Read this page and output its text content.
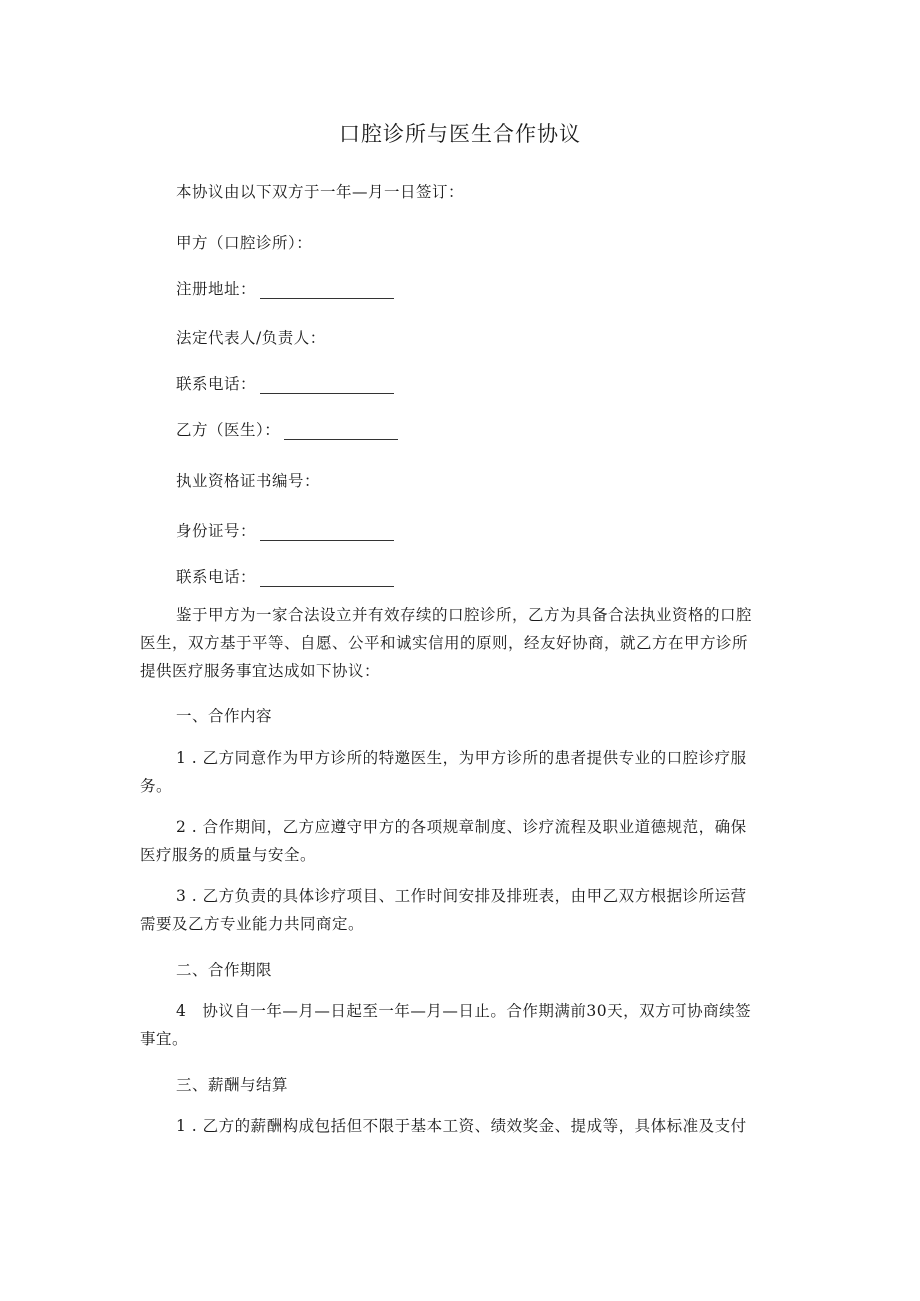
口腔诊所与医生合作协议
本协议由以下双方于一年—月一日签订：
甲方（口腔诊所）：
注册地址：
法定代表人/负责人：
联系电话：
乙方（医生）：
执业资格证书编号：
身份证号：
联系电话：
鉴于甲方为一家合法设立并有效存续的口腔诊所，乙方为具备合法执业资格的口腔
医生，双方基于平等、自愿、公平和诚实信用的原则，经友好协商，就乙方在甲方诊所
提供医疗服务事宜达成如下协议：
一、合作内容
1 . 乙方同意作为甲方诊所的特邀医生，为甲方诊所的患者提供专业的口腔诊疗服
务。
2 . 合作期间，乙方应遵守甲方的各项规章制度、诊疗流程及职业道德规范，确保
医疗服务的质量与安全。
3 . 乙方负责的具体诊疗项目、工作时间安排及排班表，由甲乙双方根据诊所运营
需要及乙方专业能力共同商定。
二、合作期限
4　协议自一年—月—日起至一年—月—日止。合作期满前30天，双方可协商续签
事宜。
三、薪酬与结算
1 . 乙方的薪酬构成包括但不限于基本工资、绩效奖金、提成等，具体标准及支付
